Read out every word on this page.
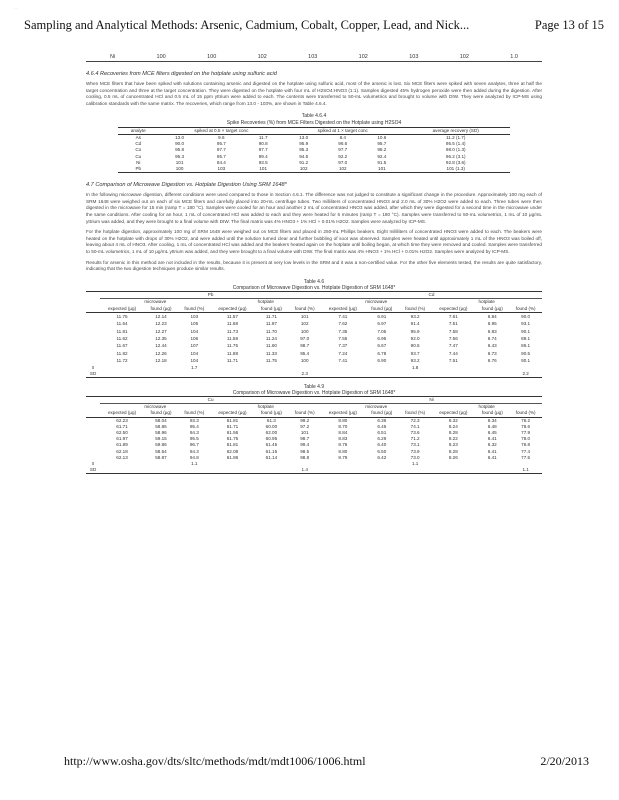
Sampling and Analytical Methods: Arsenic, Cadmium, Cobalt, Copper, Lead, and Nick...	Page 13 of 15
· ·
Ni	100	100	102	103	102	103	102	1.0
4.6.4 Recoveries from MCE filters digested on the hotplate using sulfuric acid

When MCE filters that have been spiked with solutions containing arsenic and digested on the hotplate using sulfuric acid, most of the arsenic is lost. Six MCE filters were spiked with seven analytes, three at half the target concentration and three at the target concentration. They were digested on the hotplate with four mL of H2SO4:HNO3 (1:1). Samples digested 45% hydrogen peroxide were then added during the digestion. After cooling, 0.5 mL of concentrated HCl and 0.5 mL of 15 ppm yttrium were added to each. The contents were transferred to 50-mL volumetrics and brought to volume with DIW. They were analyzed by ICP-MS using calibration standards with the same matrix. The recoveries, which range from 13.0 - 103%, are shown in Table 4.6.4.

Table 4.6.4
Spike Recoveries (%) from MCE Filters Digested on the Hotplate using H2SO4
analyte	spiked at 0.5 × target conc			spiked at 1 × target conc			average recovery (SD)
As	13.0	9.6	11.7	13.0	8.4	10.6	11.2 (1.7)
Cd	90.0	95.7	90.8	95.9	96.6	95.7	95.5 (1.4)
Co	95.8	97.7	97.7	95.3	97.7	98.2	98.0 (1.3)
Cu	95.3	95.7	99.4	94.5	92.2	92.4	96.2 (3.1)
Ni	101	84.4	93.5	91.2	97.0	91.5	92.8 (3.6)
Pb	100	103	101	102	102	101	101 (1.3)
4.7 Comparison of Microwave Digestion vs. Hotplate Digestion Using SRM 1648*

In the following microwave digestion, different conditions were used compared to those in Section 4.6.1. The difference was not judged to constitute a significant change in the procedure. Approximately 100 mg each of SRM 1648 were weighed out on each of six MCE filters and carefully placed into 20-mL centrifuge tubes. Two milliliters of concentrated HNO3 and 2.0 mL of 30% H2O2 were added to each. Three tubes were then digested in the microwave for 15 min (ramp T = 180 °C). Samples were cooled for an hour and another 2 mL of concentrated HNO3 was added, after which they were digested for a second time in the microwave under the same conditions. After cooling for an hour, 1 mL of concentrated HCl was added to each and they were heated for 6 minutes (ramp T = 180 °C). Samples were transferred to 50-mL volumetrics, 1 mL of 10 μg/mL yttrium was added, and they were brought to a final volume with DIW. The final matrix was 4% HNO3 + 1% HCl + 0.01% H2O2. Samples were analyzed by ICP-MS.

For the hotplate digestion, approximately 100 mg of SRM 1648 were weighed out on MCE filters and placed in 250-mL Phillips beakers. Eight milliliters of concentrated HNO3 were added to each. The beakers were heated on the hotplate with drops of 30% H2O2, and were added until the solution turned clear and further bubbling of soot was observed. Samples were heated until approximately 1 mL of the HNO3 was boiled off, leaving about 4 mL of HNO3. After cooling, 1 mL of concentrated HCl was added and the beakers heated again on the hotplate until boiling began, at which time they were removed and cooled. Samples were transferred to 50-mL volumetrics, 1 mL of 10 μg/mL yttrium was added, and they were brought to a final volume with DIW. The final matrix was 4% HNO3 + 1% HCl + 0.01% H2O2. Samples were analyzed by ICP-MS.

Results for arsenic in this method are not included in the results, because it is present at very low levels in the SRM and it was a non-certified value. For the other five elements tested, the results are quite satisfactory, indicating that the two digestion techniques produce similar results.

Table 4.6
Comparison of Microwave Digestion vs. Hotplate Digestion of SRM 1648*
	Pb						Cd					
	microwave			hotplate			microwave			hotplate		
	expected (μg)	found (μg)	found (%)	expected (μg)	found (μg)	found (%)	expected (μg)	found (μg)	found (%)	expected (μg)	found (μg)	found (%)
	11.75	12.14	103	11.57	11.71	101	7.41	6.91	93.2	7.61	6.84	90.0
	11.64	12.23	105	11.68	11.87	102	7.62	6.97	91.4	7.51	6.95	93.1
	11.81	12.27	104	11.73	11.70	100	7.35	7.05	95.9	7.58	6.83	90.1
	11.62	12.35	106	11.58	11.24	97.0	7.55	6.95	92.0	7.56	6.74	89.1
	11.67	12.44	107	11.75	11.60	98.7	7.37	6.67	90.5	7.47	6.43	86.1
	11.82	12.26	104	11.88	11.33	95.4	7.24	6.78	93.7	7.44	6.73	90.5
	11.72	12.18	104	11.71	11.75	100	7.41	6.90	93.2	7.51	6.76	90.1
x̄			1.7						1.8			
SD						2.3						2.2
Table 4.9
Comparison of Microwave Digestion vs. Hotplate Digestion of SRM 1648*
	Cu						Ni					
	microwave			hotplate			microwave			hotplate		
	expected (μg)	found (μg)	found (%)	expected (μg)	found (μg)	found (%)	expected (μg)	found (μg)	found (%)	expected (μg)	found (μg)	found (%)
	62.23	58.04	93.3	61.81	61.3	99.2	8.80	6.36	72.3	8.32	6.34	76.2
	61.71	58.85	95.4	61.71	60.00	97.2	8.70	6.45	74.1	8.24	6.48	78.6
	62.50	58.96	94.3	61.56	62.00	101	8.84	6.51	73.6	8.28	6.45	77.9
	61.97	59.15	95.5	61.75	60.95	98.7	8.83	6.29	71.2	8.22	6.41	78.0
	61.89	59.86	96.7	61.81	61.45	99.4	8.76	6.40	73.1	8.23	6.32	76.8
	62.18	58.64	94.3	62.08	61.15	98.5	8.80	6.50	73.9	8.28	6.41	77.4
	62.13	58.87	94.8	61.86	61.14	98.8	8.79	6.42	73.0	8.26	6.41	77.5
x̄			1.1						1.1			
SD						1.4						1.1
http://www.osha.gov/dts/sltc/methods/mdt/mdt1006/1006.html	2/20/2013
